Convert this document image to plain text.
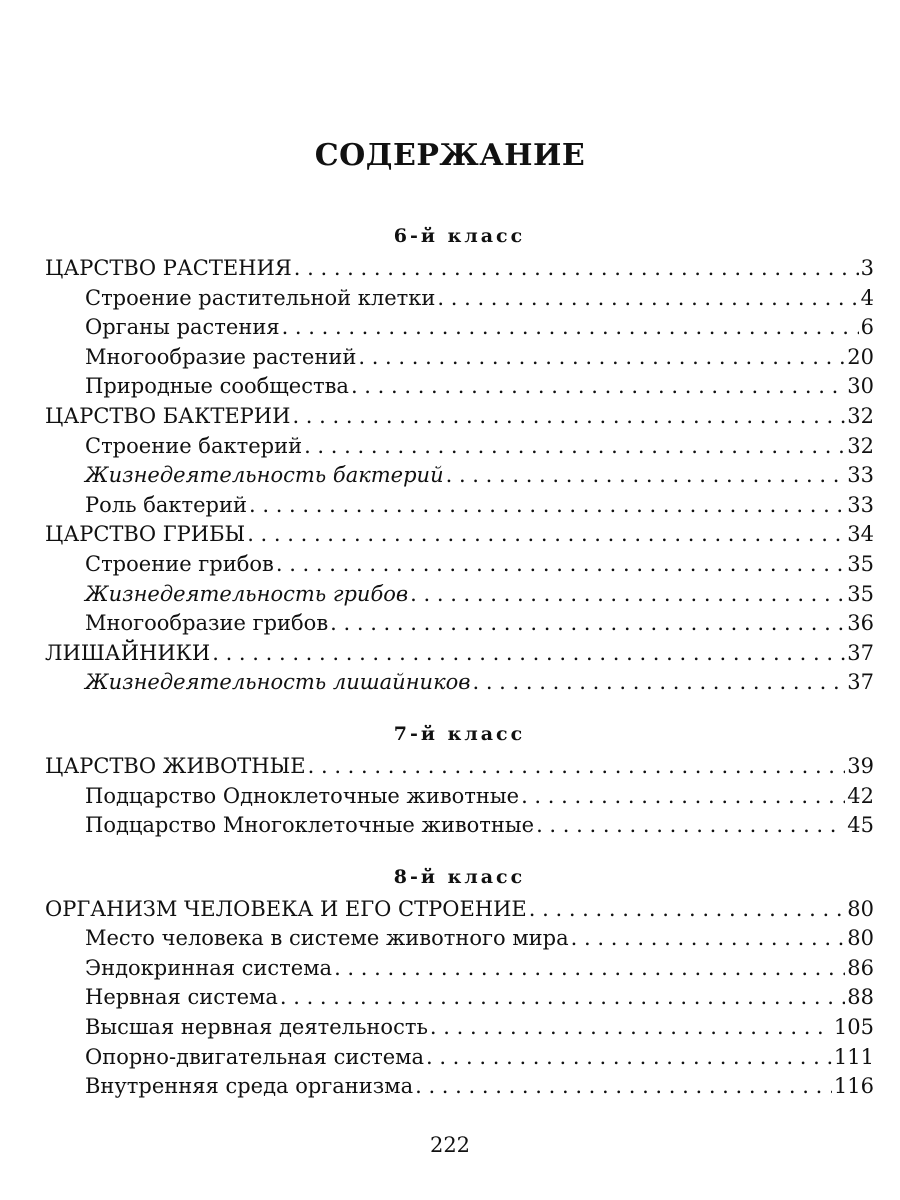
СОДЕРЖАНИЕ
6-й класс
ЦАРСТВО РАСТЕНИЯ . . .	3
Строение растительной клетки . . .	4
Органы растения . . .	6
Многообразие растений . . .	20
Природные сообщества . . .	30
ЦАРСТВО БАКТЕРИИ . . .	32
Строение бактерий . . .	32
Жизнедеятельность бактерий . . .	33
Роль бактерий . . .	33
ЦАРСТВО ГРИБЫ . . .	34
Строение грибов . . .	35
Жизнедеятельность грибов . . .	35
Многообразие грибов . . .	36
ЛИШАЙНИКИ . . .	37
Жизнедеятельность лишайников . . .	37
7-й класс
ЦАРСТВО ЖИВОТНЫЕ . . .	39
Подцарство Одноклеточные животные . . .	42
Подцарство Многоклеточные животные . . .	45
8-й класс
ОРГАНИЗМ ЧЕЛОВЕКА И ЕГО СТРОЕНИЕ . . .	80
Место человека в системе животного мира . . .	80
Эндокринная система . . .	86
Нервная система . . .	88
Высшая нервная деятельность . . .	105
Опорно-двигательная система . . .	111
Внутренняя среда организма . . .	116
222
